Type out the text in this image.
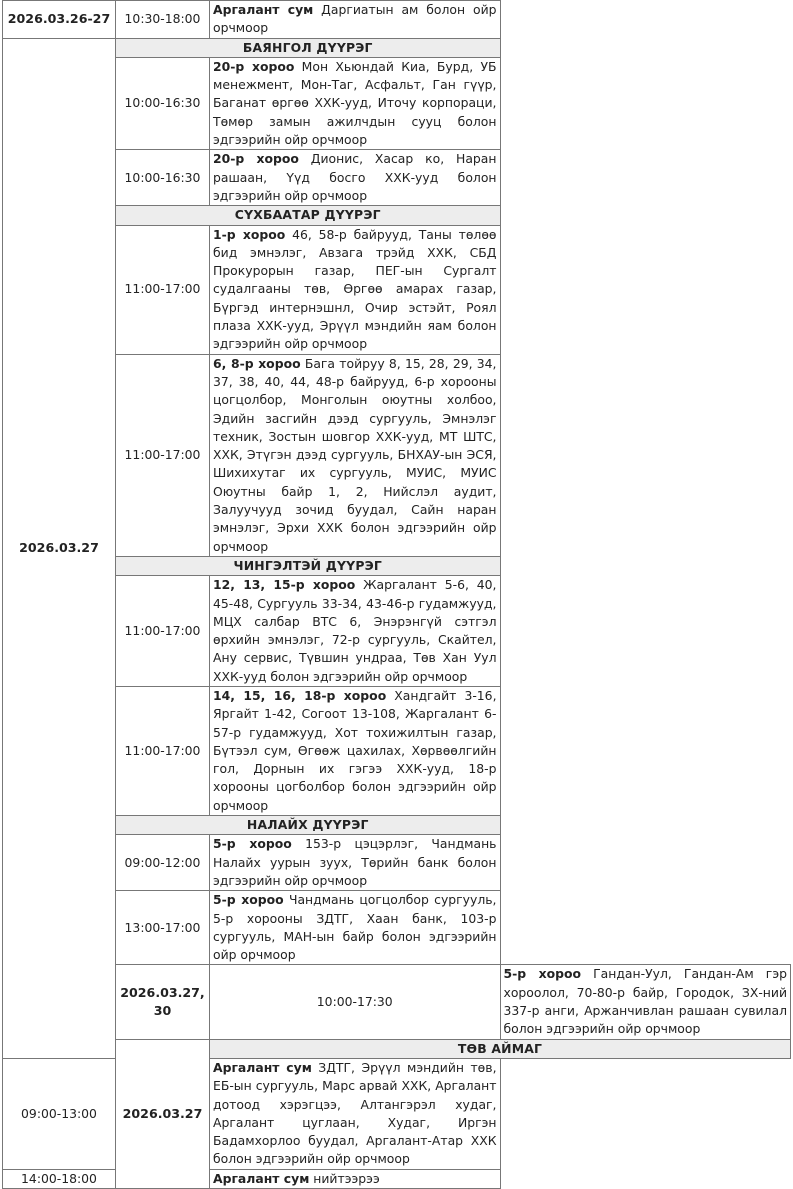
2026.03.26-27	10:30-18:00	Аргалант сум Даргиатын ам болон ойр орчмоор	
2026.03.27	БАЯНГОЛ ДҮҮРЭГ		
	10:00-16:30	20-р хороо Мон Хьюндай Киа, Бурд, УБ менежмент, Мон-Таг, Асфальт, Ган гүүр, Баганат өргөө ХХК-ууд, Иточу корпораци, Төмөр замын ажилчдын сууц болон эдгээрийн ойр орчмоор	
	10:00-16:30	20-р хороо Дионис, Хасар ко, Наран рашаан, Үүд босго ХХК-ууд болон эдгээрийн ойр орчмоор	
	СҮХБААТАР ДҮҮРЭГ		
	11:00-17:00	1-р хороо 46, 58-р байрууд, Таны төлөө бид эмнэлэг, Авзага трэйд ХХК, СБД Прокурорын газар, ПЕГ-ын Сургалт судалгааны төв, Өргөө амарах газар, Бүргэд интернэшнл, Очир эстэйт, Роял плаза ХХК-ууд, Эрүүл мэндийн яам болон эдгээрийн ойр орчмоор	
	11:00-17:00	6, 8-р хороо Бага тойруу 8, 15, 28, 29, 34, 37, 38, 40, 44, 48-р байрууд, 6-р хорооны цогцолбор, Монголын оюутны холбоо, Эдийн засгийн дээд сургууль, Эмнэлэг техник, Зостын шовгор ХХК-ууд, МТ ШТС, ХХК, Этүгэн дээд сургууль, БНХАУ-ын ЭСЯ, Шихихутаг их сургууль, МУИС, МУИС Оюутны байр 1, 2, Нийслэл аудит, Залуучууд зочид буудал, Сайн наран эмнэлэг, Эрхи ХХК болон эдгээрийн ойр орчмоор	
	ЧИНГЭЛТЭЙ ДҮҮРЭГ		
	11:00-17:00	12, 13, 15-р хороо Жаргалант 5-6, 40, 45-48, Сургууль 33-34, 43-46-р гудамжууд, МЦХ салбар ВТС 6, Энэрэнгүй сэтгэл өрхийн эмнэлэг, 72-р сургууль, Скайтел, Ану сервис, Түвшин ундраа, Төв Хан Уул ХХК-ууд болон эдгээрийн ойр орчмоор	
	11:00-17:00	14, 15, 16, 18-р хороо Хандгайт 3-16, Яргайт 1-42, Согоот 13-108, Жаргалант 6-57-р гудамжууд, Хот тохижилтын газар, Бүтээл сум, Өгөөж цахилах, Хөрвөөлгийн гол, Дорнын их гэгээ ХХК-ууд, 18-р хорооны цогболбор болон эдгээрийн ойр орчмоор	
	НАЛАЙХ ДҮҮРЭГ		
	09:00-12:00	5-р хороо 153-р цэцэрлэг, Чандмань Налайх уурын зуух, Төрийн банк болон эдгээрийн ойр орчмоор	
	13:00-17:00	5-р хороо Чандмань цогцолбор сургууль, 5-р хорооны ЗДТГ, Хаан банк, 103-р сургууль, МАН-ын байр болон эдгээрийн ойр орчмоор	
	2026.03.27, 30	10:00-17:30	5-р хороо Гандан-Уул, Гандан-Ам гэр хороолол, 70-80-р байр, Городок, ЗХ-ний 337-р анги, Аржанчивлан рашаан сувилал болон эдгээрийн ойр орчмоор
	2026.03.27	ТӨВ АЙМАГ	
09:00-13:00		Аргалант сум ЗДТГ, Эрүүл мэндийн төв, ЕБ-ын сургууль, Марс арвай ХХК, Аргалант дотоод хэрэгцээ, Алтангэрэл худаг, Аргалант цуглаан, Худаг, Иргэн Бадамхорлоо буудал, Аргалант-Атар ХХК болон эдгээрийн ойр орчмоор	
14:00-18:00		Аргалант сум нийтээрээ	
